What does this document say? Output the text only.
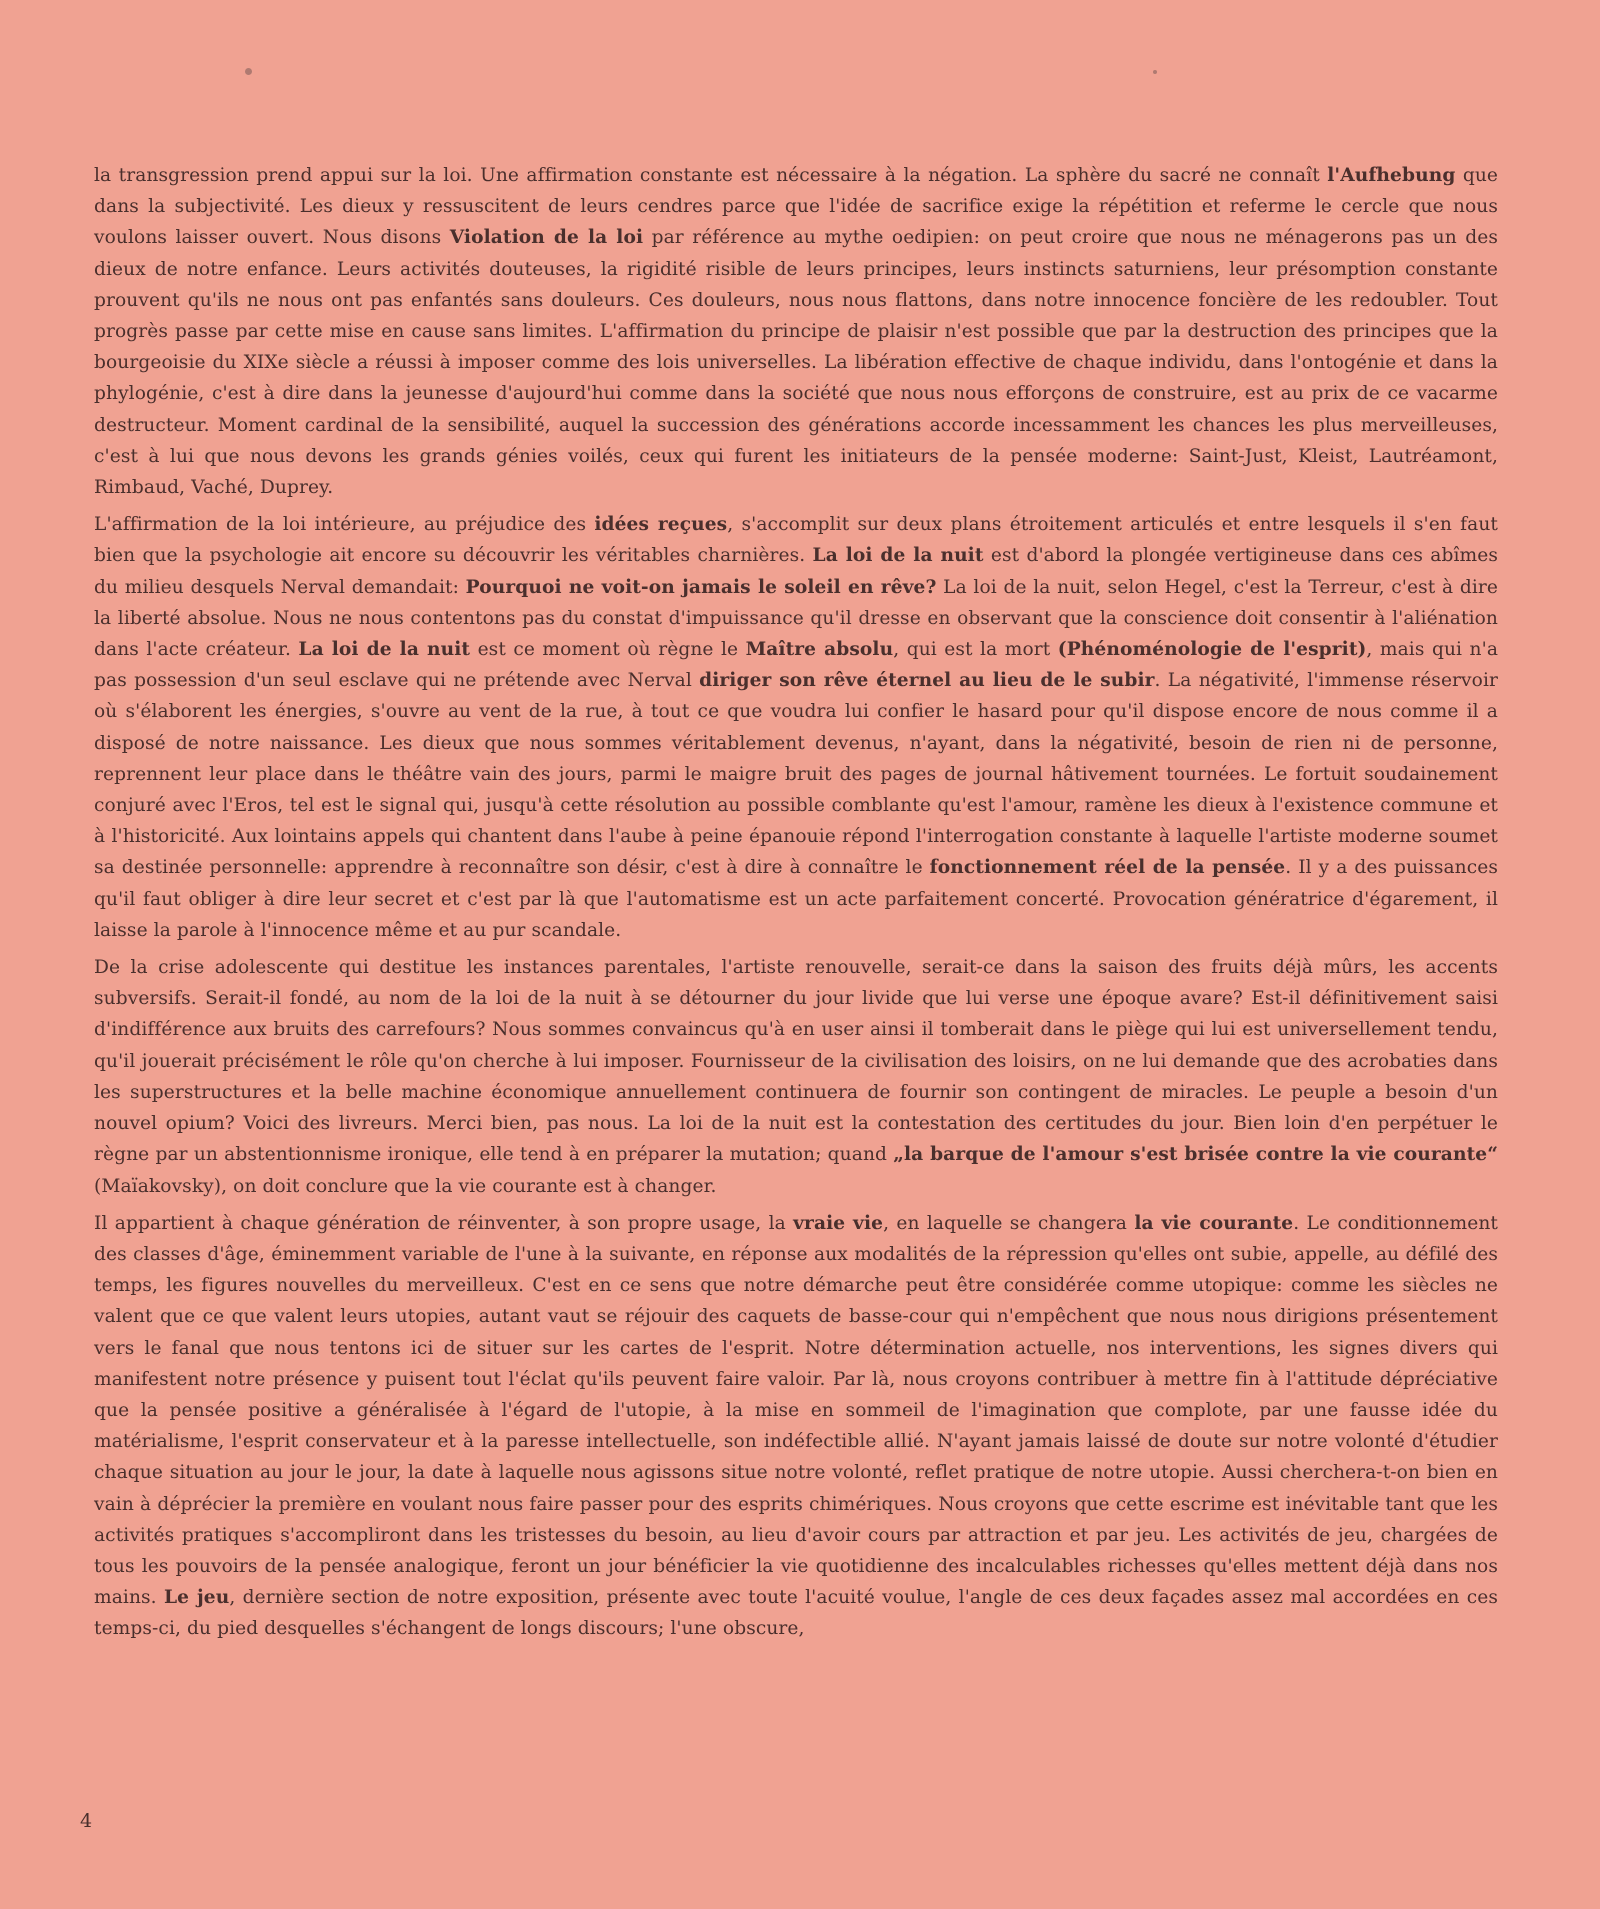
la transgression prend appui sur la loi. Une affirmation constante est nécessaire à la négation. La sphère du sacré ne connaît l'Aufhebung que dans la subjectivité. Les dieux y ressuscitent de leurs cendres parce que l'idée de sacrifice exige la répétition et referme le cercle que nous voulons laisser ouvert. Nous disons Violation de la loi par référence au mythe oedipien: on peut croire que nous ne ménagerons pas un des dieux de notre enfance. Leurs activités douteuses, la rigidité risible de leurs principes, leurs instincts saturniens, leur présomption constante prouvent qu'ils ne nous ont pas enfantés sans douleurs. Ces douleurs, nous nous flattons, dans notre innocence foncière de les redoubler. Tout progrès passe par cette mise en cause sans limites. L'affirmation du principe de plaisir n'est possible que par la destruction des principes que la bourgeoisie du XIXe siècle a réussi à imposer comme des lois universelles. La libération effective de chaque individu, dans l'ontogénie et dans la phylogénie, c'est à dire dans la jeunesse d'aujourd'hui comme dans la société que nous nous efforçons de construire, est au prix de ce vacarme destructeur. Moment cardinal de la sensibilité, auquel la succession des générations accorde incessamment les chances les plus merveilleuses, c'est à lui que nous devons les grands génies voilés, ceux qui furent les initiateurs de la pensée moderne: Saint-Just, Kleist, Lautréamont, Rimbaud, Vaché, Duprey.

L'affirmation de la loi intérieure, au préjudice des idées reçues, s'accomplit sur deux plans étroitement articulés et entre lesquels il s'en faut bien que la psychologie ait encore su découvrir les véritables charnières. La loi de la nuit est d'abord la plongée vertigineuse dans ces abîmes du milieu desquels Nerval demandait: Pourquoi ne voit-on jamais le soleil en rêve? La loi de la nuit, selon Hegel, c'est la Terreur, c'est à dire la liberté absolue. Nous ne nous contentons pas du constat d'impuissance qu'il dresse en observant que la conscience doit consentir à l'aliénation dans l'acte créateur. La loi de la nuit est ce moment où règne le Maître absolu, qui est la mort (Phénoménologie de l'esprit), mais qui n'a pas possession d'un seul esclave qui ne prétende avec Nerval diriger son rêve éternel au lieu de le subir. La négativité, l'immense réservoir où s'élaborent les énergies, s'ouvre au vent de la rue, à tout ce que voudra lui confier le hasard pour qu'il dispose encore de nous comme il a disposé de notre naissance. Les dieux que nous sommes véritablement devenus, n'ayant, dans la négativité, besoin de rien ni de personne, reprennent leur place dans le théâtre vain des jours, parmi le maigre bruit des pages de journal hâtivement tournées. Le fortuit soudainement conjuré avec l'Eros, tel est le signal qui, jusqu'à cette résolution au possible comblante qu'est l'amour, ramène les dieux à l'existence commune et à l'historicité. Aux lointains appels qui chantent dans l'aube à peine épanouie répond l'interrogation constante à laquelle l'artiste moderne soumet sa destinée personnelle: apprendre à reconnaître son désir, c'est à dire à connaître le fonctionnement réel de la pensée. Il y a des puissances qu'il faut obliger à dire leur secret et c'est par là que l'automatisme est un acte parfaitement concerté. Provocation génératrice d'égarement, il laisse la parole à l'innocence même et au pur scandale.

De la crise adolescente qui destitue les instances parentales, l'artiste renouvelle, serait-ce dans la saison des fruits déjà mûrs, les accents subversifs. Serait-il fondé, au nom de la loi de la nuit à se détourner du jour livide que lui verse une époque avare? Est-il définitivement saisi d'indifférence aux bruits des carrefours? Nous sommes convaincus qu'à en user ainsi il tomberait dans le piège qui lui est universellement tendu, qu'il jouerait précisément le rôle qu'on cherche à lui imposer. Fournisseur de la civilisation des loisirs, on ne lui demande que des acrobaties dans les superstructures et la belle machine économique annuellement continuera de fournir son contingent de miracles. Le peuple a besoin d'un nouvel opium? Voici des livreurs. Merci bien, pas nous. La loi de la nuit est la contestation des certitudes du jour. Bien loin d'en perpétuer le règne par un abstentionnisme ironique, elle tend à en préparer la mutation; quand „la barque de l'amour s'est brisée contre la vie courante“ (Maïakovsky), on doit conclure que la vie courante est à changer.

Il appartient à chaque génération de réinventer, à son propre usage, la vraie vie, en laquelle se changera la vie courante. Le conditionnement des classes d'âge, éminemment variable de l'une à la suivante, en réponse aux modalités de la répression qu'elles ont subie, appelle, au défilé des temps, les figures nouvelles du merveilleux. C'est en ce sens que notre démarche peut être considérée comme utopique: comme les siècles ne valent que ce que valent leurs utopies, autant vaut se réjouir des caquets de basse-cour qui n'empêchent que nous nous dirigions présentement vers le fanal que nous tentons ici de situer sur les cartes de l'esprit. Notre détermination actuelle, nos interventions, les signes divers qui manifestent notre présence y puisent tout l'éclat qu'ils peuvent faire valoir. Par là, nous croyons contribuer à mettre fin à l'attitude dépréciative que la pensée positive a généralisée à l'égard de l'utopie, à la mise en sommeil de l'imagination que complote, par une fausse idée du matérialisme, l'esprit conservateur et à la paresse intellectuelle, son indéfectible allié. N'ayant jamais laissé de doute sur notre volonté d'étudier chaque situation au jour le jour, la date à laquelle nous agissons situe notre volonté, reflet pratique de notre utopie. Aussi cherchera-t-on bien en vain à déprécier la première en voulant nous faire passer pour des esprits chimériques. Nous croyons que cette escrime est inévitable tant que les activités pratiques s'accompliront dans les tristesses du besoin, au lieu d'avoir cours par attraction et par jeu. Les activités de jeu, chargées de tous les pouvoirs de la pensée analogique, feront un jour bénéficier la vie quotidienne des incalculables richesses qu'elles mettent déjà dans nos mains. Le jeu, dernière section de notre exposition, présente avec toute l'acuité voulue, l'angle de ces deux façades assez mal accordées en ces temps-ci, du pied desquelles s'échangent de longs discours; l'une obscure,

4
